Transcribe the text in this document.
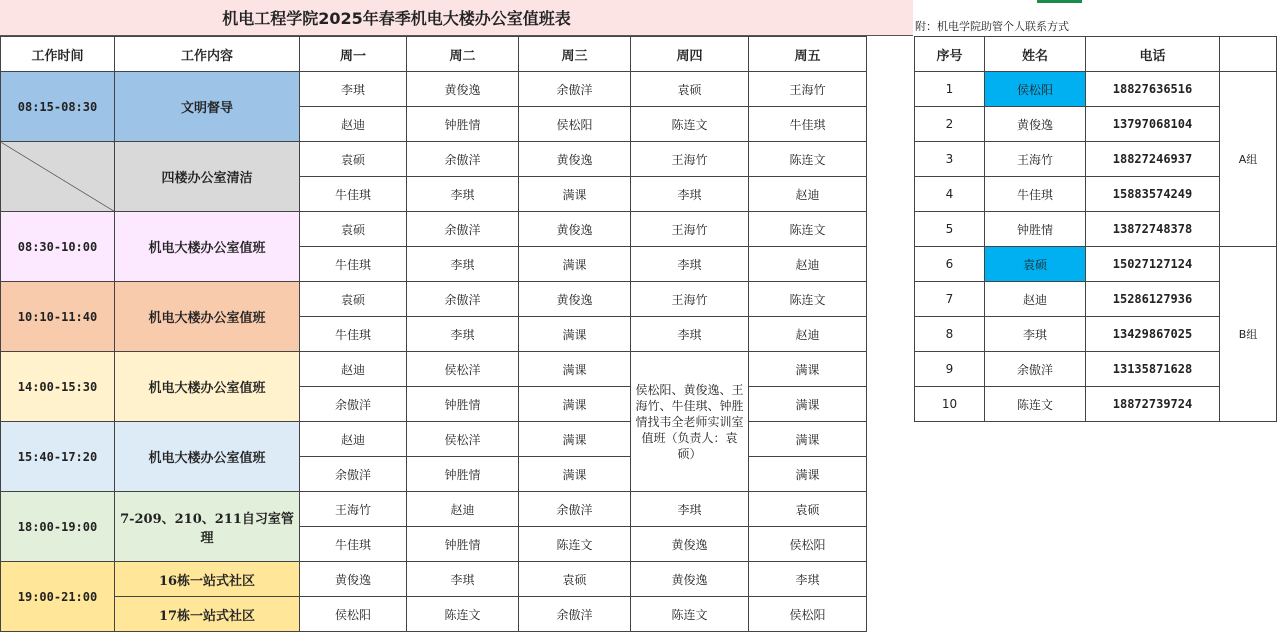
机电工程学院2025年春季机电大楼办公室值班表	附：机电学院助管个人联系方式
工作时间	工作内容	周一	周二	周三	周四	周五
08:15-08:30	文明督导	李琪	黄俊逸	余傲洋	袁硕	王海竹
		赵迪	钟胜情	侯松阳	陈连文	牛佳琪
	四楼办公室清洁	袁硕	余傲洋	黄俊逸	王海竹	陈连文
		牛佳琪	李琪	满课	李琪	赵迪
08:30-10:00	机电大楼办公室值班	袁硕	余傲洋	黄俊逸	王海竹	陈连文
		牛佳琪	李琪	满课	李琪	赵迪
10:10-11:40	机电大楼办公室值班	袁硕	余傲洋	黄俊逸	王海竹	陈连文
		牛佳琪	李琪	满课	李琪	赵迪
14:00-15:30	机电大楼办公室值班	赵迪	侯松洋	满课	侯松阳、黄俊逸、王海竹、牛佳琪、钟胜情找韦全老师实训室值班（负责人：袁硕）	满课
		余傲洋	钟胜情	满课		满课
15:40-17:20	机电大楼办公室值班	赵迪	侯松洋	满课		满课
		余傲洋	钟胜情	满课		满课
18:00-19:00	7-209、210、211自习室管理	王海竹	赵迪	余傲洋	李琪	袁硕
		牛佳琪	钟胜情	陈连文	黄俊逸	侯松阳
19:00-21:00	16栋一站式社区	黄俊逸	李琪	袁硕	黄俊逸	李琪
	17栋一站式社区	侯松阳	陈连文	余傲洋	陈连文	侯松阳
序号	姓名	电话	
1	侯松阳	18827636516	A组
2	黄俊逸	13797068104	
3	王海竹	18827246937	
4	牛佳琪	15883574249	
5	钟胜情	13872748378	
6	袁硕	15027127124	B组
7	赵迪	15286127936	
8	李琪	13429867025	
9	余傲洋	13135871628	
10	陈连文	18872739724	
